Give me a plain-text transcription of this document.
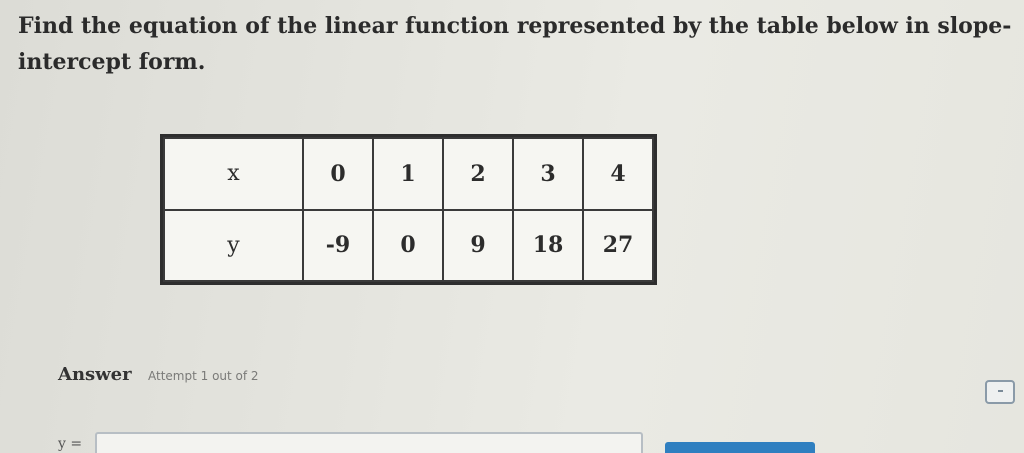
Find the equation of the linear function represented by the table below in slope-intercept form.
x	0	1	2	3	4
y	-9	0	9	18	27
Answer Attempt 1 out of 2
y =
